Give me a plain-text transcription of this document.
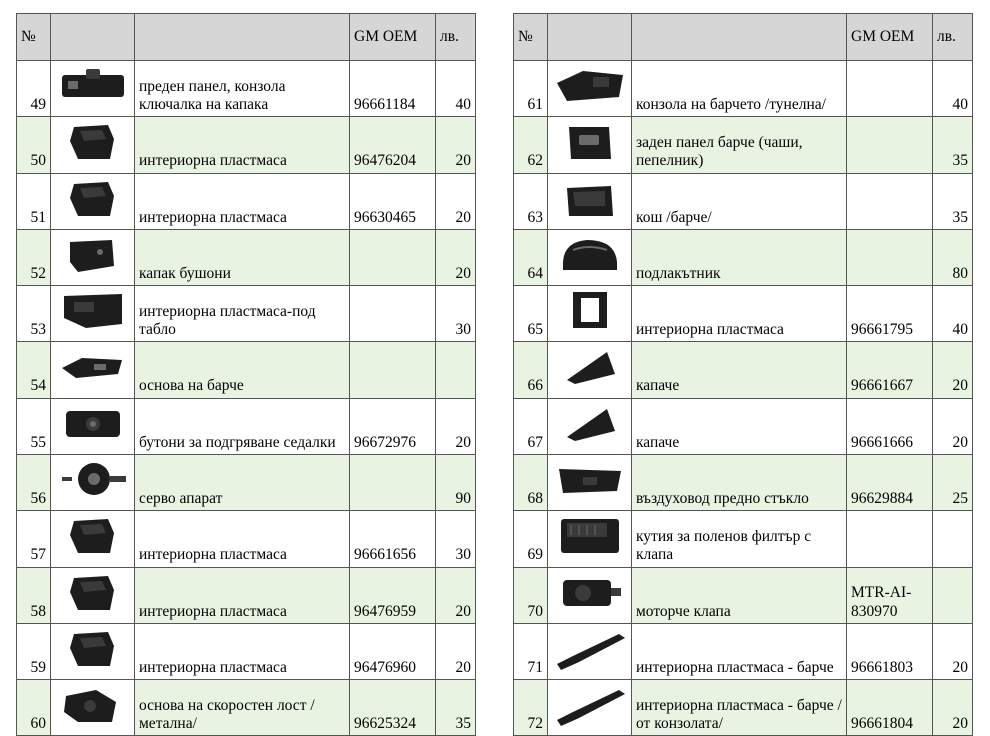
№			GM OEM	лв.
49		преден панел, конзола ключалка на капака	96661184	40
50		интериорна пластмаса	96476204	20
51		интериорна пластмаса	96630465	20
52		капак бушони		20
53		интериорна пластмаса-под табло		30
54		основа на барче		
55		бутони за подгряване седалки	96672976	20
56		серво апарат		90
57		интериорна пластмаса	96661656	30
58		интериорна пластмаса	96476959	20
59		интериорна пластмаса	96476960	20
60		основа на скоростен лост /метална/	96625324	35
№			GM OEM	лв.
61		конзола на барчето /тунелна/		40
62		заден панел барче (чаши, пепелник)		35
63		кош /барче/		35
64		подлакътник		80
65		интериорна пластмаса	96661795	40
66		капаче	96661667	20
67		капаче	96661666	20
68		въздуховод предно стъкло	96629884	25
69		кутия за поленов филтър с клапа		
70		моторче клапа	MTR-AI-830970	
71		интериорна пластмаса - барче	96661803	20
72		интериорна пластмаса - барче /от конзолата/	96661804	20
